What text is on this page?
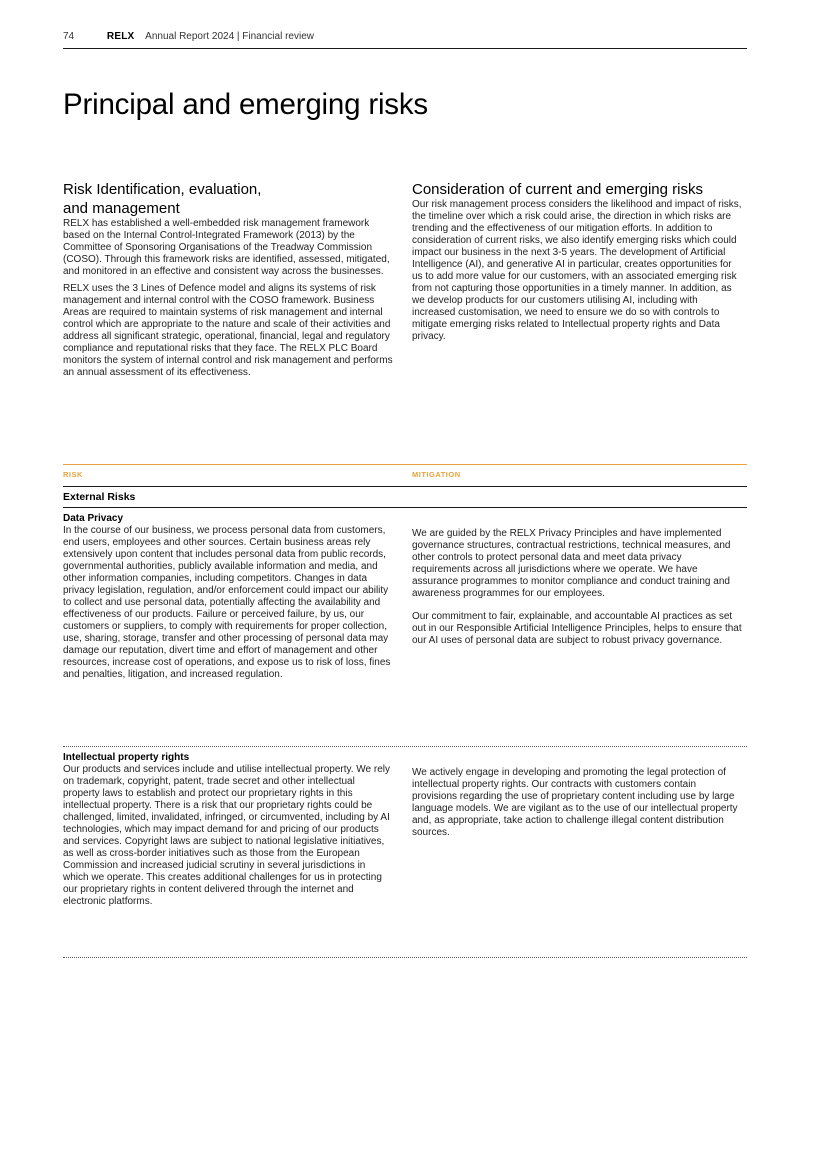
74	RELX Annual Report 2024 | Financial review
Principal and emerging risks
Risk Identification, evaluation,
and management

RELX has established a well-embedded risk management framework based on the Internal Control-Integrated Framework (2013) by the Committee of Sponsoring Organisations of the Treadway Commission (COSO). Through this framework risks are identified, assessed, mitigated, and monitored in an effective and consistent way across the businesses.

RELX uses the 3 Lines of Defence model and aligns its systems of risk management and internal control with the COSO framework. Business Areas are required to maintain systems of risk management and internal control which are appropriate to the nature and scale of their activities and address all significant strategic, operational, financial, legal and regulatory compliance and reputational risks that they face. The RELX PLC Board monitors the system of internal control and risk management and performs an annual assessment of its effectiveness.

Consideration of current and emerging risks

Our risk management process considers the likelihood and impact of risks, the timeline over which a risk could arise, the direction in which risks are trending and the effectiveness of our mitigation efforts. In addition to consideration of current risks, we also identify emerging risks which could impact our business in the next 3-5 years. The development of Artificial Intelligence (AI), and generative AI in particular, creates opportunities for us to add more value for our customers, with an associated emerging risk from not capturing those opportunities in a timely manner. In addition, as we develop products for our customers utilising AI, including with increased customisation, we need to ensure we do so with controls to mitigate emerging risks related to Intellectual property rights and Data privacy.

RISK	MITIGATION
External Risks

Data Privacy

In the course of our business, we process personal data from customers, end users, employees and other sources. Certain business areas rely extensively upon content that includes personal data from public records, governmental authorities, publicly available information and media, and other information companies, including competitors. Changes in data privacy legislation, regulation, and/or enforcement could impact our ability to collect and use personal data, potentially affecting the availability and effectiveness of our products. Failure or perceived failure, by us, our customers or suppliers, to comply with requirements for proper collection, use, sharing, storage, transfer and other processing of personal data may damage our reputation, divert time and effort of management and other resources, increase cost of operations, and expose us to risk of loss, fines and penalties, litigation, and increased regulation.

We are guided by the RELX Privacy Principles and have implemented governance structures, contractual restrictions, technical measures, and other controls to protect personal data and meet data privacy requirements across all jurisdictions where we operate. We have assurance programmes to monitor compliance and conduct training and awareness programmes for our employees.

Our commitment to fair, explainable, and accountable AI practices as set out in our Responsible Artificial Intelligence Principles, helps to ensure that our AI uses of personal data are subject to robust privacy governance.

Intellectual property rights

Our products and services include and utilise intellectual property. We rely on trademark, copyright, patent, trade secret and other intellectual property laws to establish and protect our proprietary rights in this intellectual property. There is a risk that our proprietary rights could be challenged, limited, invalidated, infringed, or circumvented, including by AI technologies, which may impact demand for and pricing of our products and services. Copyright laws are subject to national legislative initiatives, as well as cross-border initiatives such as those from the European Commission and increased judicial scrutiny in several jurisdictions in which we operate. This creates additional challenges for us in protecting our proprietary rights in content delivered through the internet and electronic platforms.

We actively engage in developing and promoting the legal protection of intellectual property rights. Our contracts with customers contain provisions regarding the use of proprietary content including use by large language models. We are vigilant as to the use of our intellectual property and, as appropriate, take action to challenge illegal content distribution sources.
